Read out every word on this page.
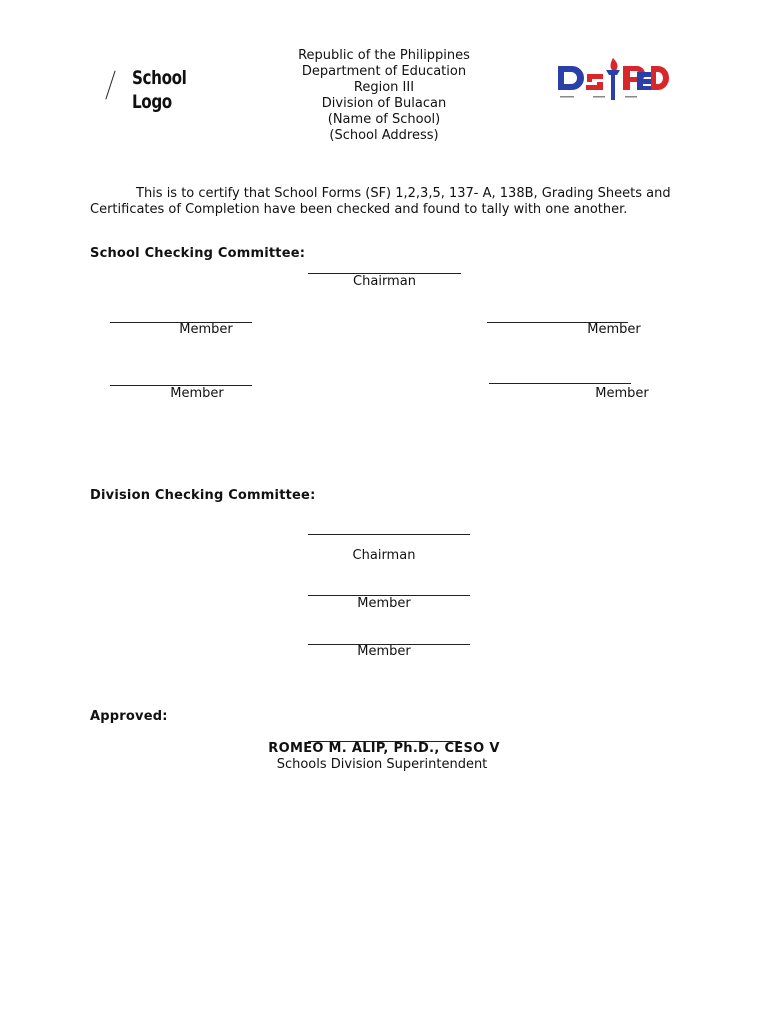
Republic of the Philippines
Department of Education
Region III
Division of Bulacan
(Name of School)
(School Address)
School
Logo
This is to certify that School Forms (SF) 1,2,3,5, 137- A, 138B, Grading Sheets and Certificates of Completion have been checked and found to tally with one another.
School Checking Committee:
Chairman
Member	Member
Member	Member
Division Checking Committee:
Chairman
Member
Member
Approved:
ROMEO M. ALIP, Ph.D., CESO V
Schools Division Superintendent
